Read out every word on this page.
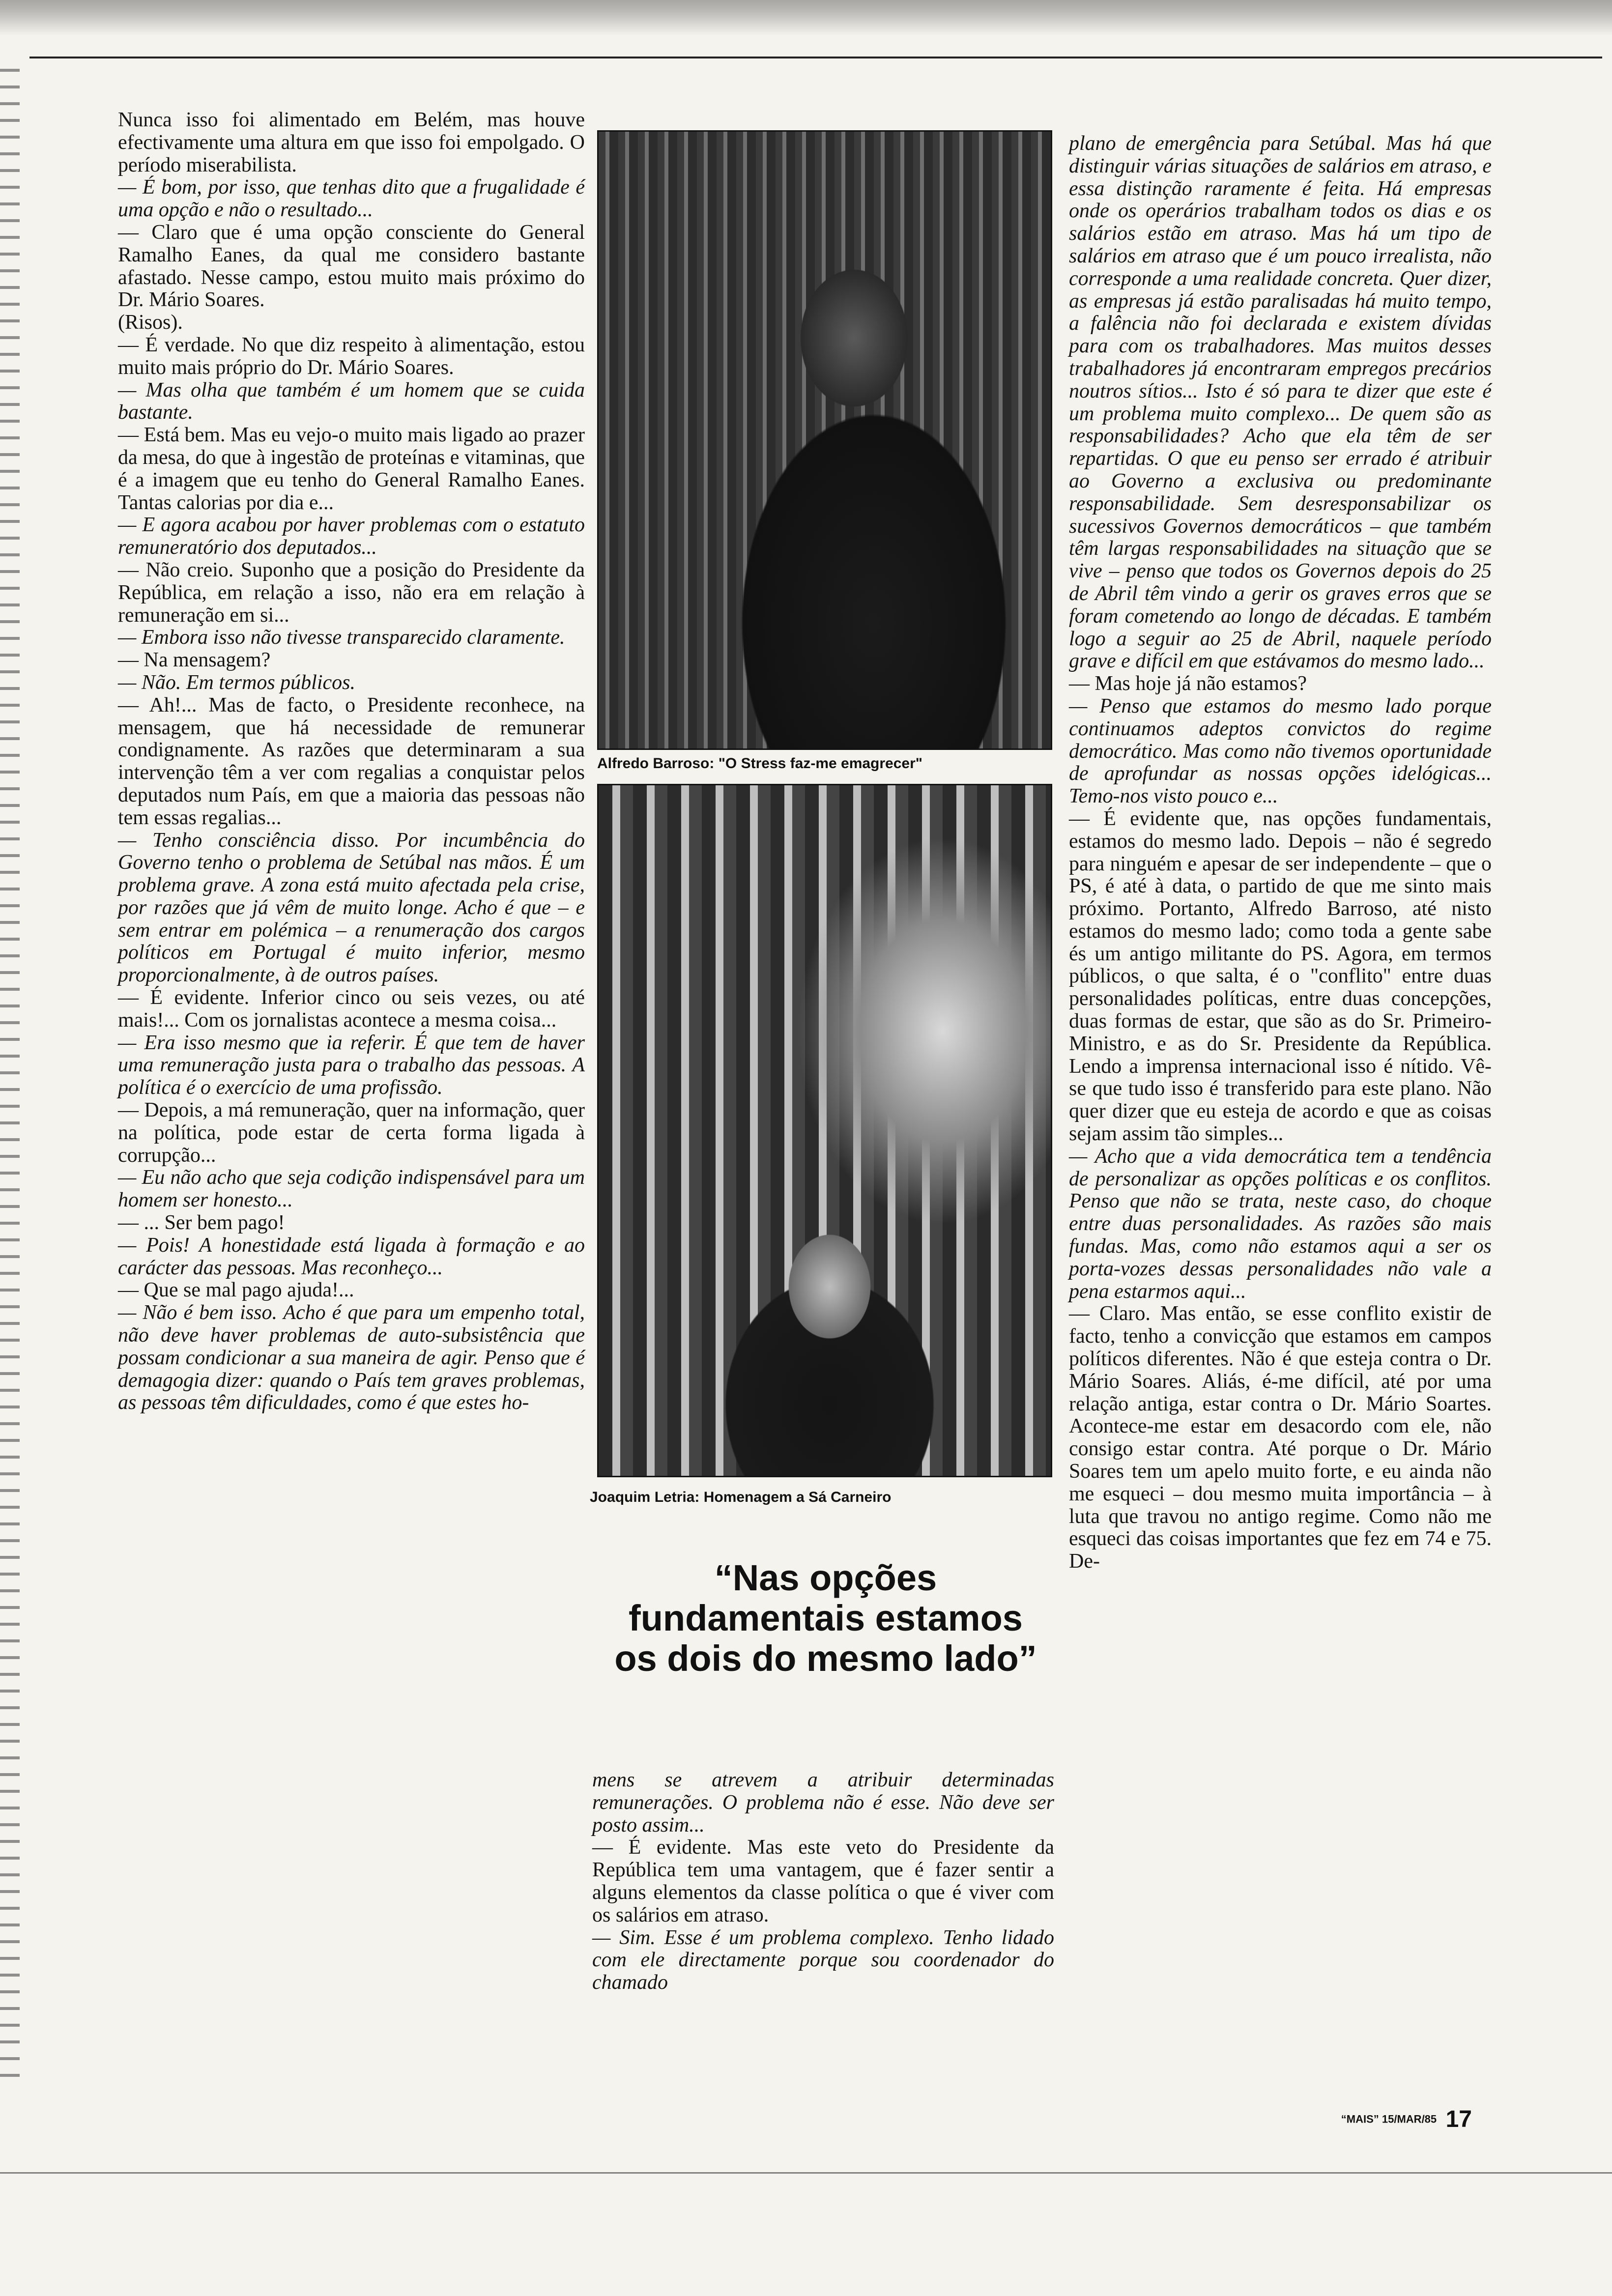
Nunca isso foi alimentado em Belém, mas houve efectivamente uma altura em que isso foi empolgado. O período miserabilista.

— É bom, por isso, que tenhas dito que a frugalidade é uma opção e não o resultado...

— Claro que é uma opção consciente do General Ramalho Eanes, da qual me considero bastante afastado. Nesse campo, estou muito mais próximo do Dr. Mário Soares.

(Risos).

— É verdade. No que diz respeito à alimentação, estou muito mais próprio do Dr. Mário Soares.

— Mas olha que também é um homem que se cuida bastante.

— Está bem. Mas eu vejo-o muito mais ligado ao prazer da mesa, do que à ingestão de proteínas e vitaminas, que é a imagem que eu tenho do General Ramalho Eanes. Tantas calorias por dia e...

— E agora acabou por haver problemas com o estatuto remuneratório dos deputados...

— Não creio. Suponho que a posição do Presidente da República, em relação a isso, não era em relação à remuneração em si...

— Embora isso não tivesse transparecido claramente.

— Na mensagem?

— Não. Em termos públicos.

— Ah!... Mas de facto, o Presidente reconhece, na mensagem, que há necessidade de remunerar condignamente. As razões que determinaram a sua intervenção têm a ver com regalias a conquistar pelos deputados num País, em que a maioria das pessoas não tem essas regalias...

— Tenho consciência disso. Por incumbência do Governo tenho o problema de Setúbal nas mãos. É um problema grave. A zona está muito afectada pela crise, por razões que já vêm de muito longe. Acho é que – e sem entrar em polémica – a renumeração dos cargos políticos em Portugal é muito inferior, mesmo proporcionalmente, à de outros países.

— É evidente. Inferior cinco ou seis vezes, ou até mais!... Com os jornalistas acontece a mesma coisa...

— Era isso mesmo que ia referir. É que tem de haver uma remuneração justa para o trabalho das pessoas. A política é o exercício de uma profissão.

— Depois, a má remuneração, quer na informação, quer na política, pode estar de certa forma ligada à corrupção...

— Eu não acho que seja codição indispensável para um homem ser honesto...

— ... Ser bem pago!

— Pois! A honestidade está ligada à formação e ao carácter das pessoas. Mas reconheço...

— Que se mal pago ajuda!...

— Não é bem isso. Acho é que para um empenho total, não deve haver problemas de auto-subsistência que possam condicionar a sua maneira de agir. Penso que é demagogia dizer: quando o País tem graves problemas, as pessoas têm dificuldades, como é que estes ho-

Alfredo Barroso: "O Stress faz-me emagrecer"
Joaquim Letria: Homenagem a Sá Carneiro
“Nas opções fundamentais estamos os dois do mesmo lado”

mens se atrevem a atribuir determinadas remunerações. O problema não é esse. Não deve ser posto assim...

— É evidente. Mas este veto do Presidente da República tem uma vantagem, que é fazer sentir a alguns elementos da classe política o que é viver com os salários em atraso.

— Sim. Esse é um problema complexo. Tenho lidado com ele directamente porque sou coordenador do chamado

plano de emergência para Setúbal. Mas há que distinguir várias situações de salários em atraso, e essa distinção raramente é feita. Há empresas onde os operários trabalham todos os dias e os salários estão em atraso. Mas há um tipo de salários em atraso que é um pouco irrealista, não corresponde a uma realidade concreta. Quer dizer, as empresas já estão paralisadas há muito tempo, a falência não foi declarada e existem dívidas para com os trabalhadores. Mas muitos desses trabalhadores já encontraram empregos precários noutros sítios... Isto é só para te dizer que este é um problema muito complexo... De quem são as responsabilidades? Acho que ela têm de ser repartidas. O que eu penso ser errado é atribuir ao Governo a exclusiva ou predominante responsabilidade. Sem desresponsabilizar os sucessivos Governos democráticos – que também têm largas responsabilidades na situação que se vive – penso que todos os Governos depois do 25 de Abril têm vindo a gerir os graves erros que se foram cometendo ao longo de décadas. E também logo a seguir ao 25 de Abril, naquele período grave e difícil em que estávamos do mesmo lado...

— Mas hoje já não estamos?

— Penso que estamos do mesmo lado porque continuamos adeptos convictos do regime democrático. Mas como não tivemos oportunidade de aprofundar as nossas opções idelógicas... Temo-nos visto pouco e...

— É evidente que, nas opções fundamentais, estamos do mesmo lado. Depois – não é segredo para ninguém e apesar de ser independente – que o PS, é até à data, o partido de que me sinto mais próximo. Portanto, Alfredo Barroso, até nisto estamos do mesmo lado; como toda a gente sabe és um antigo militante do PS. Agora, em termos públicos, o que salta, é o "conflito" entre duas personalidades políticas, entre duas concepções, duas formas de estar, que são as do Sr. Primeiro-Ministro, e as do Sr. Presidente da República. Lendo a imprensa internacional isso é nítido. Vê-se que tudo isso é transferido para este plano. Não quer dizer que eu esteja de acordo e que as coisas sejam assim tão simples...

— Acho que a vida democrática tem a tendência de personalizar as opções políticas e os conflitos. Penso que não se trata, neste caso, do choque entre duas personalidades. As razões são mais fundas. Mas, como não estamos aqui a ser os porta-vozes dessas personalidades não vale a pena estarmos aqui...

— Claro. Mas então, se esse conflito existir de facto, tenho a convicção que estamos em campos políticos diferentes. Não é que esteja contra o Dr. Mário Soares. Aliás, é-me difícil, até por uma relação antiga, estar contra o Dr. Mário Soartes. Acontece-me estar em desacordo com ele, não consigo estar contra. Até porque o Dr. Mário Soares tem um apelo muito forte, e eu ainda não me esqueci – dou mesmo muita importância – à luta que travou no antigo regime. Como não me esqueci das coisas importantes que fez em 74 e 75. De-

“MAIS” 15/MAR/85 17
